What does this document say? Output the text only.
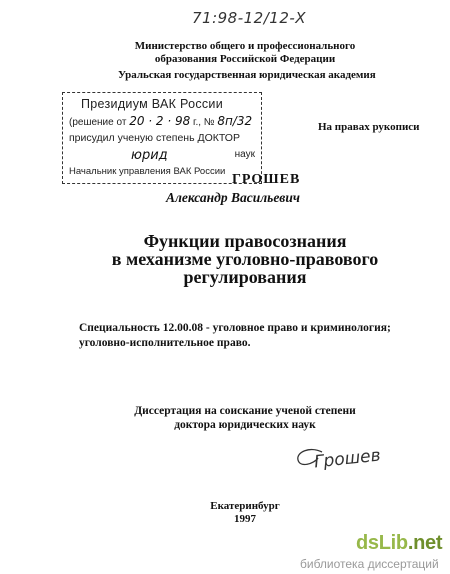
71:98-12/12-Х
Министерство общего и профессионального
образования Российской Федерации
Уральская государственная юридическая академия
Президиум ВАК России
(решение от 20 · 2 · 98 г., № 8п/32
присудил ученую степень ДОКТОР
юрид	наук
Начальник управления ВАК России
На правах рукописи
ГРОШЕВ
Александр Васильевич
Функции правосознания
в механизме уголовно-правового
регулирования
Специальность 12.00.08 - уголовное право и криминология;
уголовно-исполнительное право.
Диссертация на соискание ученой степени
доктора юридических наук
Грошев
Екатеринбург
1997
dsLib.net
библиотека диссертаций
